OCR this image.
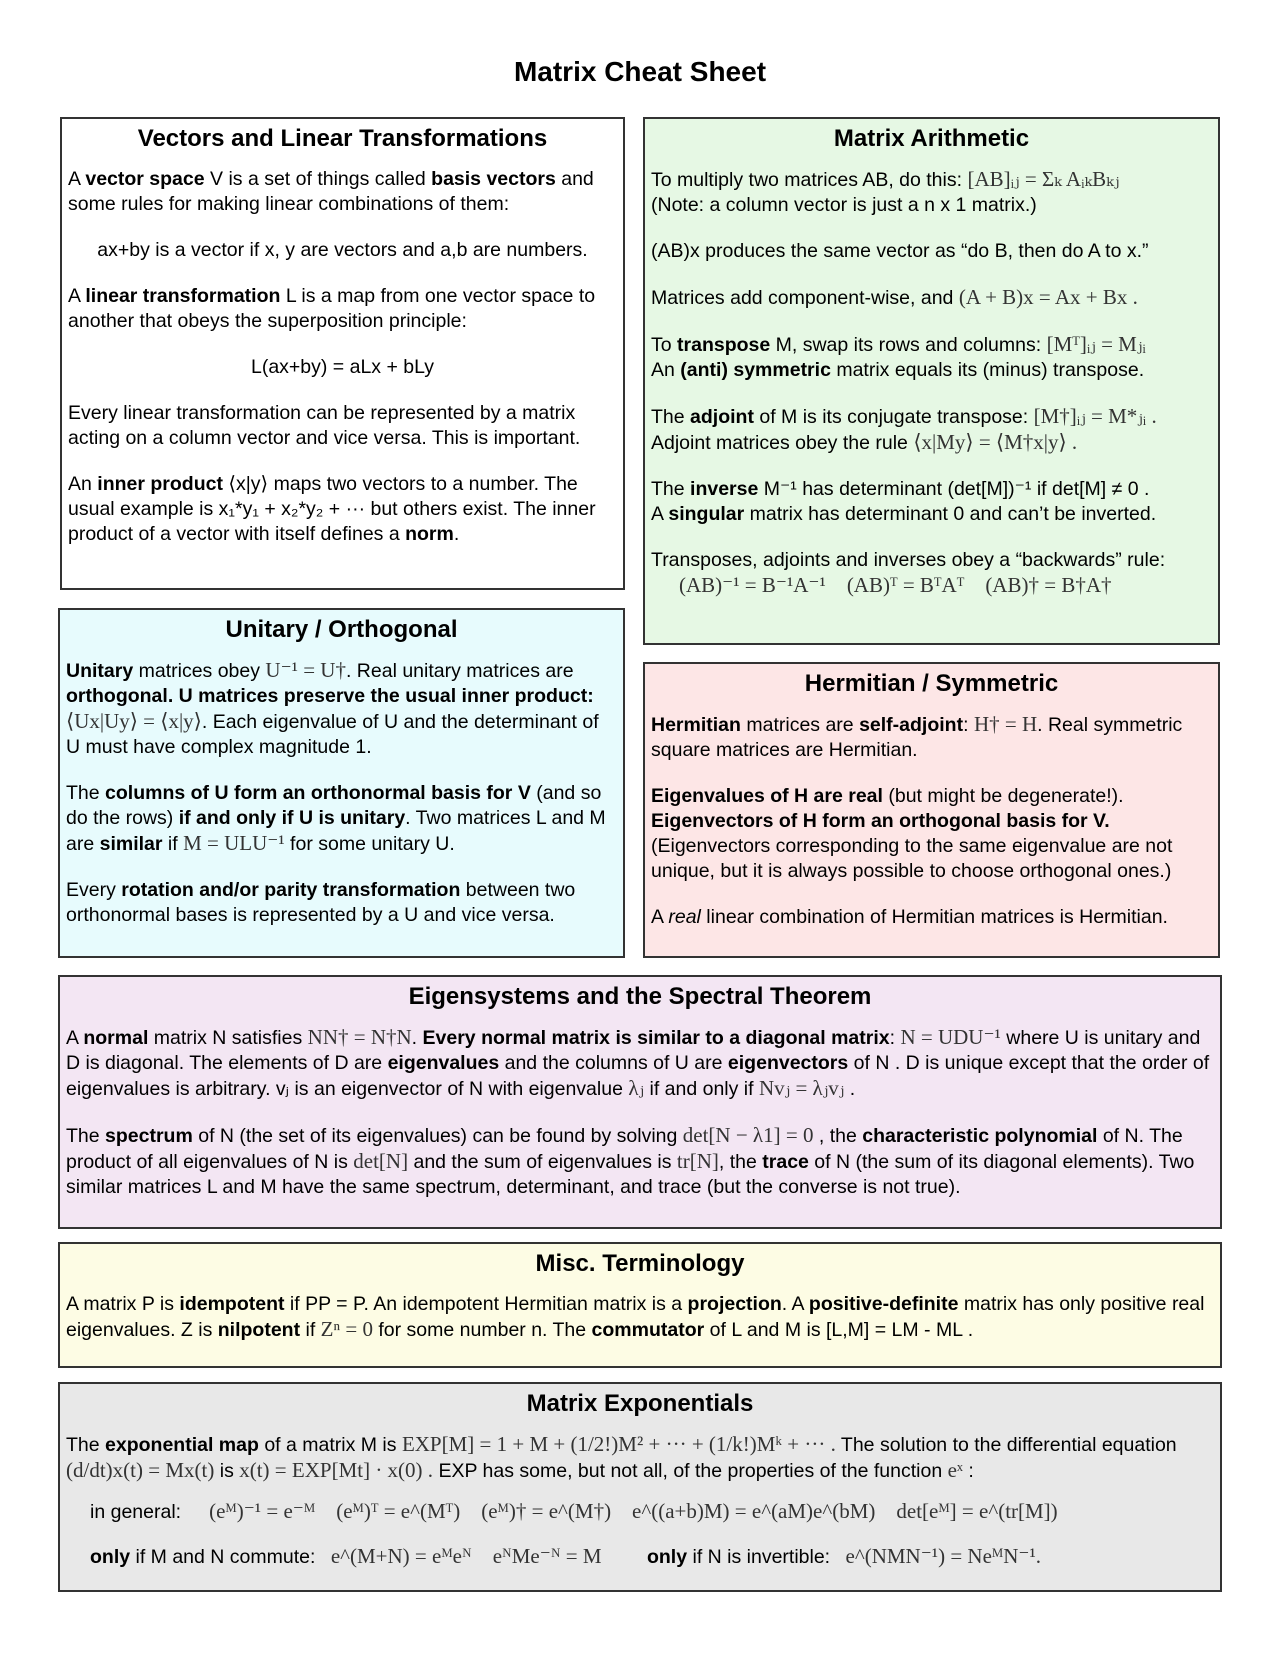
Matrix Cheat Sheet
Vectors and Linear Transformations

A vector space V is a set of things called basis vectors and some rules for making linear combinations of them:

ax+by is a vector if x, y are vectors and a,b are numbers.

A linear transformation L is a map from one vector space to another that obeys the superposition principle:

L(ax+by) = aLx + bLy

Every linear transformation can be represented by a matrix acting on a column vector and vice versa. This is important.

An inner product ⟨x|y⟩ maps two vectors to a number. The usual example is x₁*y₁ + x₂*y₂ + ··· but others exist. The inner product of a vector with itself defines a norm.

Matrix Arithmetic

To multiply two matrices AB, do this: [AB]ᵢⱼ = Σₖ AᵢₖBₖⱼ
(Note: a column vector is just a n x 1 matrix.)

(AB)x produces the same vector as “do B, then do A to x.”

Matrices add component-wise, and (A + B)x = Ax + Bx .

To transpose M, swap its rows and columns: [Mᵀ]ᵢⱼ = Mⱼᵢ
An (anti) symmetric matrix equals its (minus) transpose.

The adjoint of M is its conjugate transpose: [M†]ᵢⱼ = M*ⱼᵢ .
Adjoint matrices obey the rule ⟨x|My⟩ = ⟨M†x|y⟩ .

The inverse M⁻¹ has determinant (det[M])⁻¹ if det[M] ≠ 0 .
A singular matrix has determinant 0 and can’t be inverted.

Transposes, adjoints and inverses obey a “backwards” rule:
(AB)⁻¹ = B⁻¹A⁻¹    (AB)ᵀ = BᵀAᵀ    (AB)† = B†A†

Unitary / Orthogonal

Unitary matrices obey U⁻¹ = U†. Real unitary matrices are orthogonal. U matrices preserve the usual inner product: ⟨Ux|Uy⟩ = ⟨x|y⟩. Each eigenvalue of U and the determinant of U must have complex magnitude 1.

The columns of U form an orthonormal basis for V (and so do the rows) if and only if U is unitary. Two matrices L and M are similar if M = ULU⁻¹ for some unitary U.

Every rotation and/or parity transformation between two orthonormal bases is represented by a U and vice versa.

Hermitian / Symmetric

Hermitian matrices are self-adjoint: H† = H. Real symmetric square matrices are Hermitian.

Eigenvalues of H are real (but might be degenerate!).
Eigenvectors of H form an orthogonal basis for V.
(Eigenvectors corresponding to the same eigenvalue are not unique, but it is always possible to choose orthogonal ones.)

A real linear combination of Hermitian matrices is Hermitian.

Eigensystems and the Spectral Theorem

A normal matrix N satisfies NN† = N†N. Every normal matrix is similar to a diagonal matrix: N = UDU⁻¹ where U is unitary and D is diagonal. The elements of D are eigenvalues and the columns of U are eigenvectors of N . D is unique except that the order of eigenvalues is arbitrary. vⱼ is an eigenvector of N with eigenvalue λⱼ if and only if Nvⱼ = λⱼvⱼ .

The spectrum of N (the set of its eigenvalues) can be found by solving det[N − λ1] = 0 , the characteristic polynomial of N. The product of all eigenvalues of N is det[N] and the sum of eigenvalues is tr[N], the trace of N (the sum of its diagonal elements). Two similar matrices L and M have the same spectrum, determinant, and trace (but the converse is not true).

Misc. Terminology

A matrix P is idempotent if PP = P. An idempotent Hermitian matrix is a projection. A positive-definite matrix has only positive real eigenvalues. Z is nilpotent if Zⁿ = 0 for some number n. The commutator of L and M is [L,M] = LM - ML .

Matrix Exponentials

The exponential map of a matrix M is EXP[M] = 1 + M + (1/2!)M² + ··· + (1/k!)Mᵏ + ··· . The solution to the differential equation (d/dt)x(t) = Mx(t) is x(t) = EXP[Mt] · x(0) . EXP has some, but not all, of the properties of the function eˣ :

in general: (eᴹ)⁻¹ = e⁻ᴹ    (eᴹ)ᵀ = e^(Mᵀ)    (eᴹ)† = e^(M†)    e^((a+b)M) = e^(aM)e^(bM)    det[eᴹ] = e^(tr[M])
only if M and N commute: e^(M+N) = eᴹeᴺ    eᴺMe⁻ᴺ = M only if N is invertible: e^(NMN⁻¹) = NeᴹN⁻¹.
